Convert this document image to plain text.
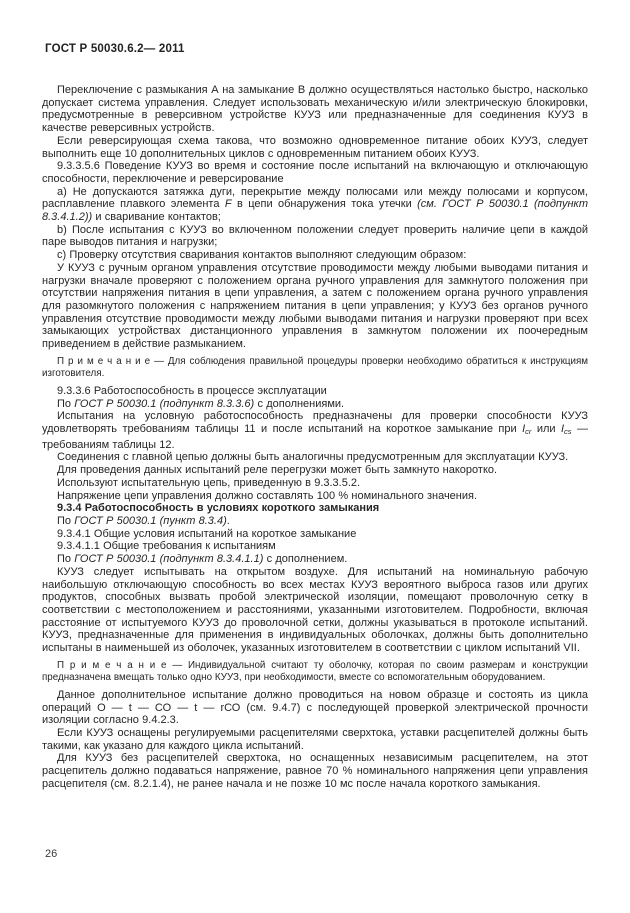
ГОСТ Р 50030.6.2— 2011

Переключение с размыкания А на замыкание В должно осуществляться настолько быстро, насколько допускает система управления. Следует использовать механическую и/или электрическую блокировки, предусмотренные в реверсивном устройстве КУУЗ или предназначенные для соединения КУУЗ в качестве реверсивных устройств.

Если реверсирующая схема такова, что возможно одновременное питание обоих КУУЗ, следует выполнить еще 10 дополнительных циклов с одновременным питанием обоих КУУЗ.

9.3.3.5.6 Поведение КУУЗ во время и состояние после испытаний на включающую и отключающую способности, переключение и реверсирование

a) Не допускаются затяжка дуги, перекрытие между полюсами или между полюсами и корпусом, расплавление плавкого элемента F в цепи обнаружения тока утечки (см. ГОСТ Р 50030.1 (подпункт 8.3.4.1.2)) и сваривание контактов;

b) После испытания с КУУЗ во включенном положении следует проверить наличие цепи в каждой паре выводов питания и нагрузки;

c) Проверку отсутствия сваривания контактов выполняют следующим образом:

У КУУЗ с ручным органом управления отсутствие проводимости между любыми выводами питания и нагрузки вначале проверяют с положением органа ручного управления для замкнутого положения при отсутствии напряжения питания в цепи управления, а затем с положением органа ручного управления для разомкнутого положения с напряжением питания в цепи управления; у КУУЗ без органов ручного управления отсутствие проводимости между любыми выводами питания и нагрузки проверяют при всех замыкающих устройствах дистанционного управления в замкнутом положении их поочередным приведением в действие размыканием.

П р и м е ч а н и е — Для соблюдения правильной процедуры проверки необходимо обратиться к инструкциям изготовителя.

9.3.3.6 Работоспособность в процессе эксплуатации

По ГОСТ Р 50030.1 (подпункт 8.3.3.6) с дополнениями.

Испытания на условную работоспособность предназначены для проверки способности КУУЗ удовлетворять требованиям таблицы 11 и после испытаний на короткое замыкание при Icr или Ics — требованиям таблицы 12.

Соединения с главной цепью должны быть аналогичны предусмотренным для эксплуатации КУУЗ.

Для проведения данных испытаний реле перегрузки может быть замкнуто накоротко.

Используют испытательную цепь, приведенную в 9.3.3.5.2.

Напряжение цепи управления должно составлять 100 % номинального значения.

9.3.4 Работоспособность в условиях короткого замыкания

По ГОСТ Р 50030.1 (пункт 8.3.4).

9.3.4.1 Общие условия испытаний на короткое замыкание

9.3.4.1.1 Общие требования к испытаниям

По ГОСТ Р 50030.1 (подпункт 8.3.4.1.1) с дополнением.

КУУЗ следует испытывать на открытом воздухе. Для испытаний на номинальную рабочую наибольшую отключающую способность во всех местах КУУЗ вероятного выброса газов или других продуктов, способных вызвать пробой электрической изоляции, помещают проволочную сетку в соответствии с местоположением и расстояниями, указанными изготовителем. Подробности, включая расстояние от испытуемого КУУЗ до проволочной сетки, должны указываться в протоколе испытаний. КУУЗ, предназначенные для применения в индивидуальных оболочках, должны быть дополнительно испытаны в наименьшей из оболочек, указанных изготовителем в соответствии с циклом испытаний VII.

П р и м е ч а н и е — Индивидуальной считают ту оболочку, которая по своим размерам и конструкции предназначена вмещать только одно КУУЗ, при необходимости, вместе со вспомогательным оборудованием.

Данное дополнительное испытание должно проводиться на новом образце и состоять из цикла операций О — t — СО — t — rСО (см. 9.4.7) с последующей проверкой электрической прочности изоляции согласно 9.4.2.3.

Если КУУЗ оснащены регулируемыми расцепителями сверхтока, уставки расцепителей должны быть такими, как указано для каждого цикла испытаний.

Для КУУЗ без расцепителей сверхтока, но оснащенных независимым расцепителем, на этот расцепитель должно подаваться напряжение, равное 70 % номинального напряжения цепи управления расцепителя (см. 8.2.1.4), не ранее начала и не позже 10 мс после начала короткого замыкания.

26
